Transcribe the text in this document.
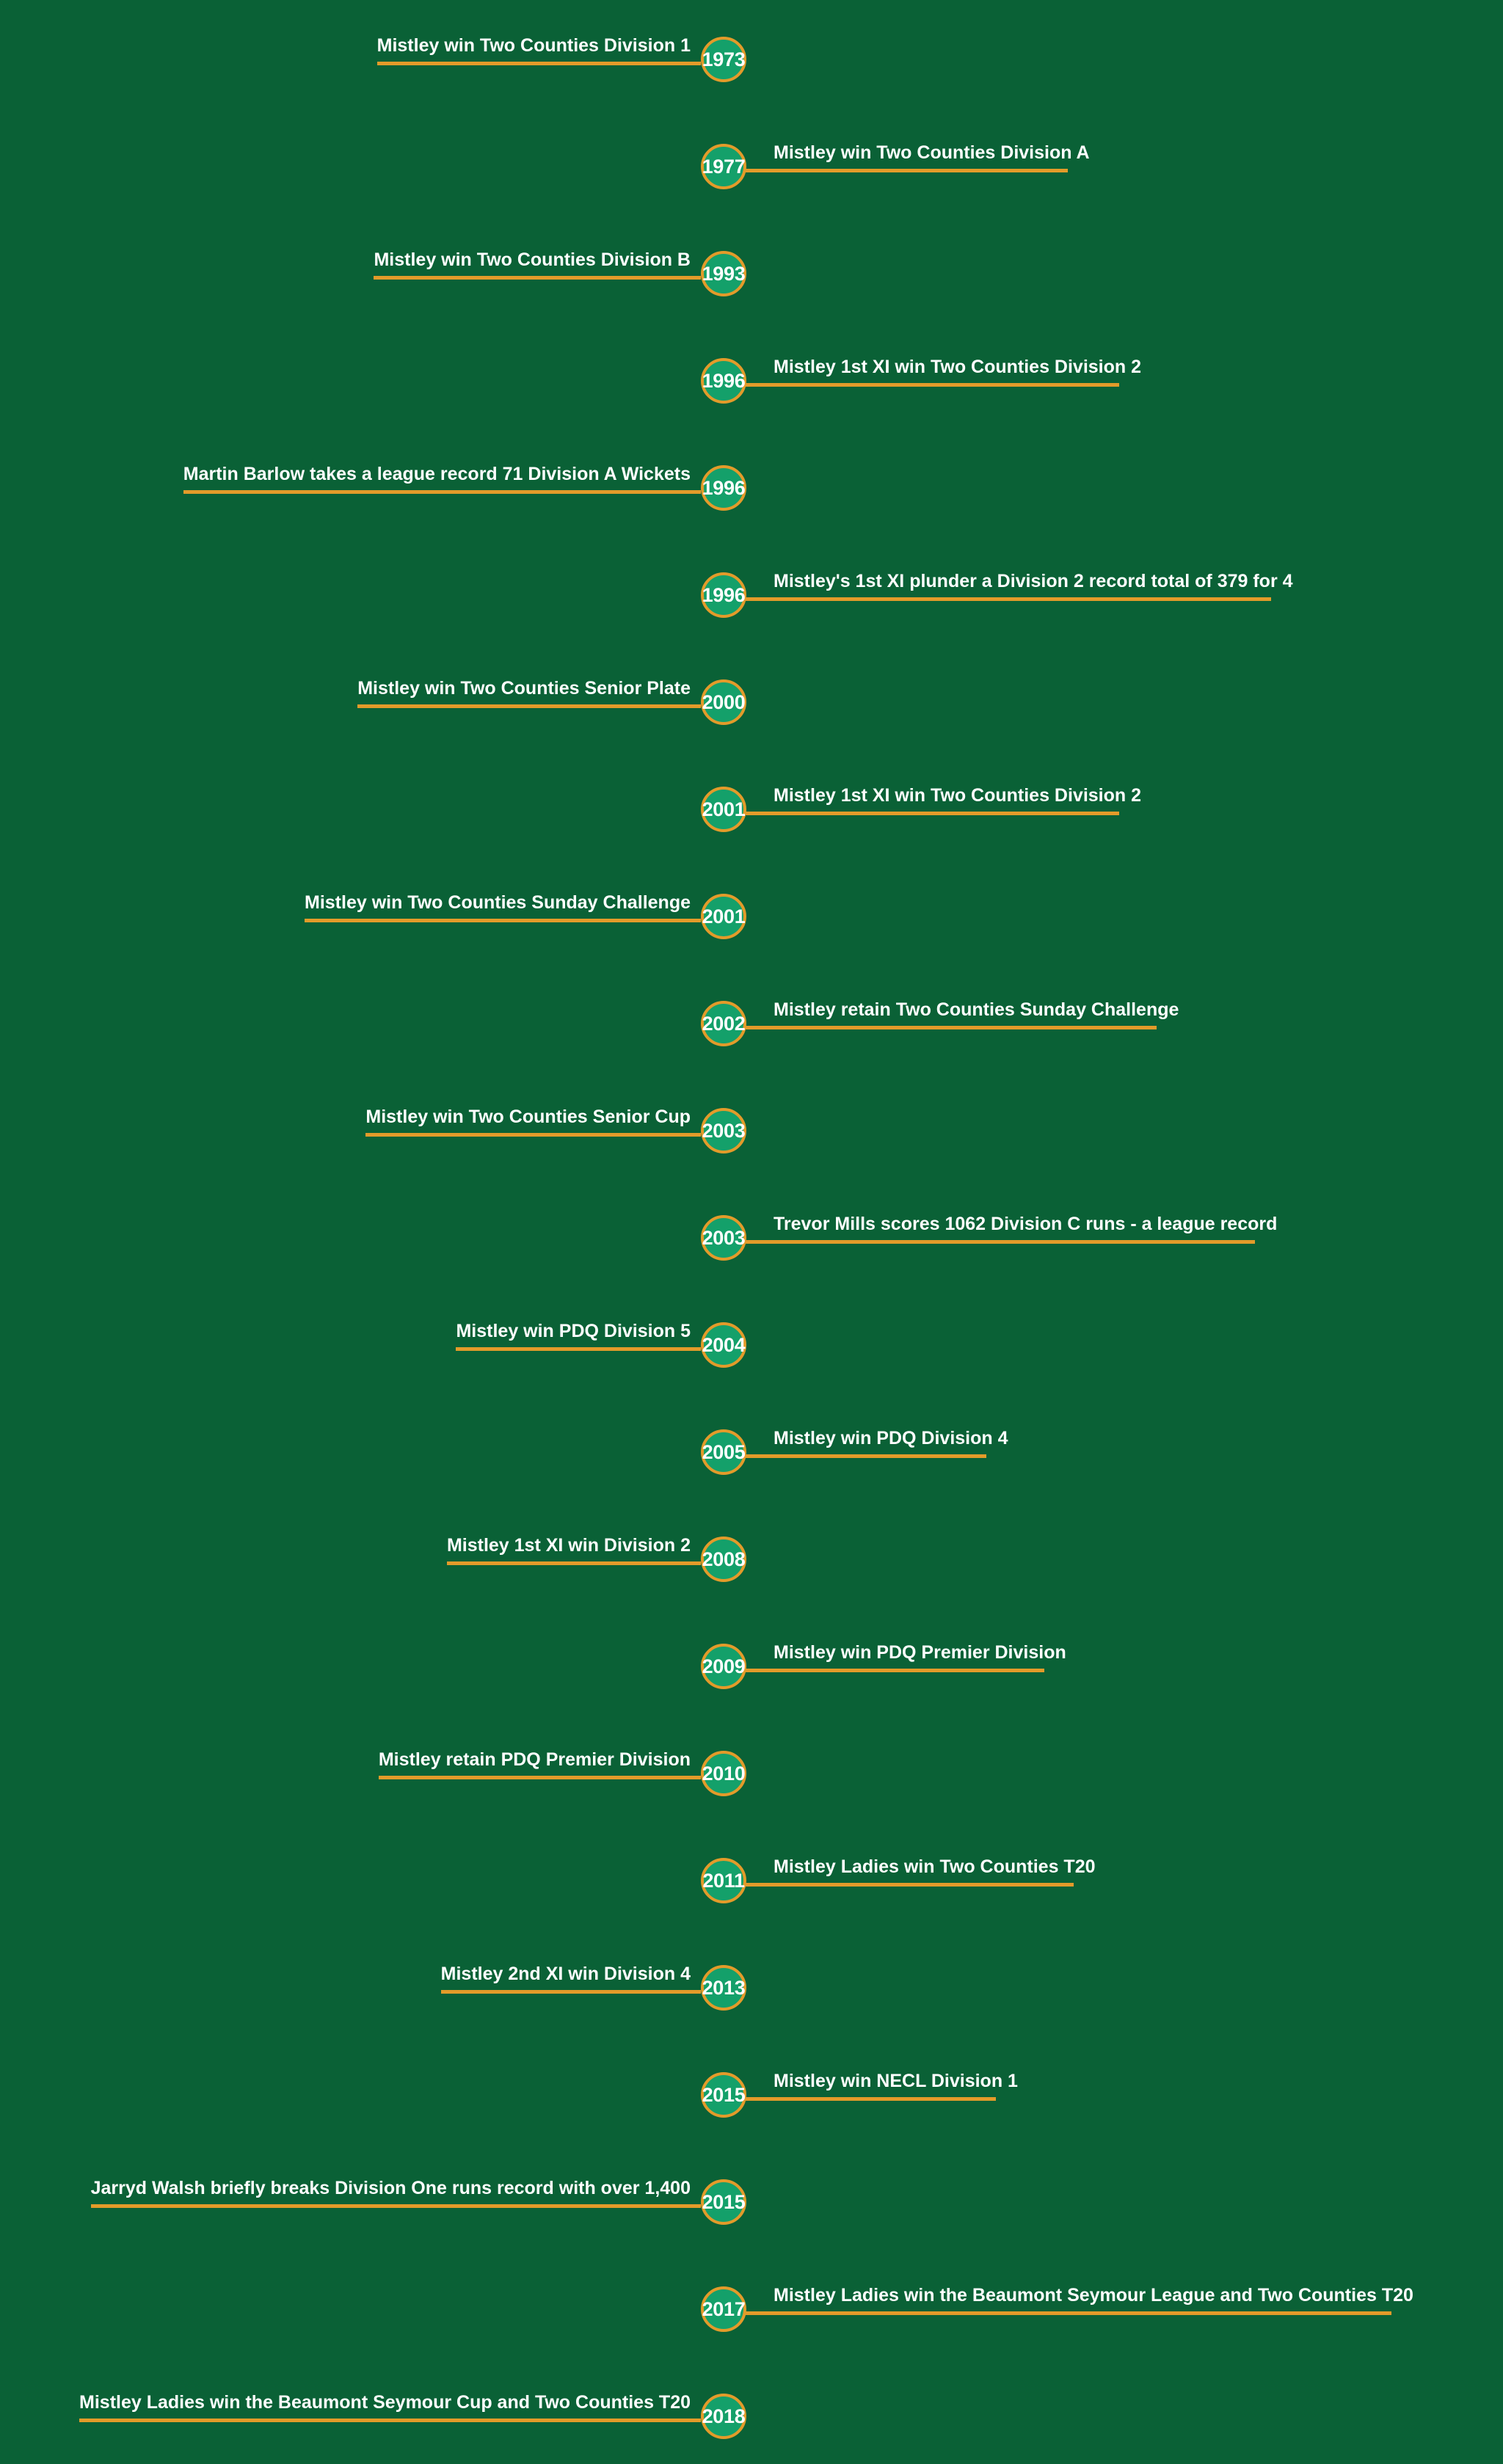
Mistley win Two Counties Division 1
1973
Mistley win Two Counties Division A
1977
Mistley win Two Counties Division B
1993
Mistley 1st XI win Two Counties Division 2
1996
Martin Barlow takes a league record 71 Division A Wickets
1996
Mistley's 1st XI plunder a Division 2 record total of 379 for 4
1996
Mistley win Two Counties Senior Plate
2000
Mistley 1st XI win Two Counties Division 2
2001
Mistley win Two Counties Sunday Challenge
2001
Mistley retain Two Counties Sunday Challenge
2002
Mistley win Two Counties Senior Cup
2003
Trevor Mills scores 1062 Division C runs - a league record
2003
Mistley win PDQ Division 5
2004
Mistley win PDQ Division 4
2005
Mistley 1st XI win Division 2
2008
Mistley win PDQ Premier Division
2009
Mistley retain PDQ Premier Division
2010
Mistley Ladies win Two Counties T20
2011
Mistley 2nd XI win Division 4
2013
Mistley win NECL Division 1
2015
Jarryd Walsh briefly breaks Division One runs record with over 1,400
2015
Mistley Ladies win the Beaumont Seymour League and Two Counties T20
2017
Mistley Ladies win the Beaumont Seymour Cup and Two Counties T20
2018
